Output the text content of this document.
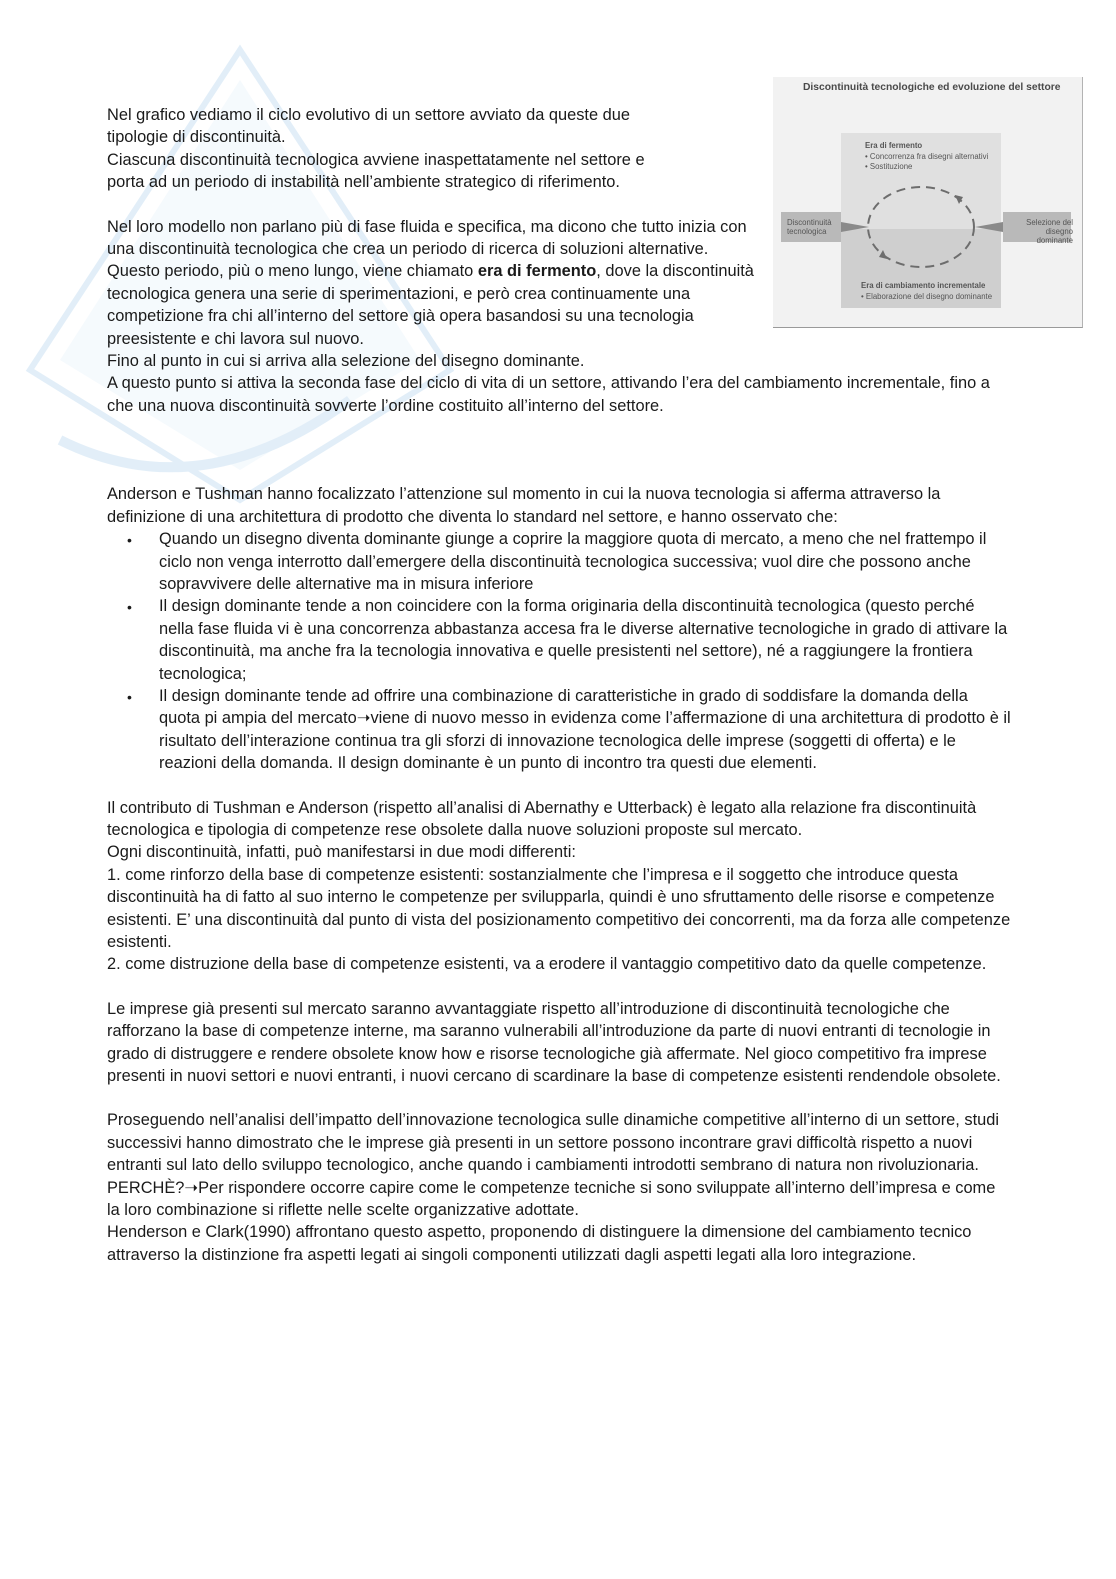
Discontinuità tecnologiche ed evoluzione del settore
Era di fermento
• Concorrenza fra disegni alternativi
• Sostituzione
Discontinuità tecnologica
Selezione del disegno dominante
Era di cambiamento incrementale
• Elaborazione del disegno dominante

Nel grafico vediamo il ciclo evolutivo di un settore avviato da queste due

tipologie di discontinuità.

Ciascuna discontinuità tecnologica avviene inaspettatamente nel settore e

porta ad un periodo di instabilità nell’ambiente strategico di riferimento.

Nel loro modello non parlano più di fase fluida e specifica, ma dicono che tutto inizia con una discontinuità tecnologica che crea un periodo di ricerca di soluzioni alternative. Questo periodo, più o meno lungo, viene chiamato era di fermento, dove la discontinuità tecnologica genera una serie di sperimentazioni, e però crea continuamente una competizione fra chi all’interno del settore già opera basandosi su una tecnologia preesistente e chi lavora sul nuovo.

Fino al punto in cui si arriva alla selezione del disegno dominante.

A questo punto si attiva la seconda fase del ciclo di vita di un settore, attivando l’era del cambiamento incrementale, fino a che una nuova discontinuità sovverte l’ordine costituito all’interno del settore.

Anderson e Tushman hanno focalizzato l’attenzione sul momento in cui la nuova tecnologia si afferma attraverso la definizione di una architettura di prodotto che diventa lo standard nel settore, e hanno osservato che:

• Quando un disegno diventa dominante giunge a coprire la maggiore quota di mercato, a meno che nel frattempo il ciclo non venga interrotto dall’emergere della discontinuità tecnologica successiva; vuol dire che possono anche sopravvivere delle alternative ma in misura inferiore
• Il design dominante tende a non coincidere con la forma originaria della discontinuità tecnologica (questo perché nella fase fluida vi è una concorrenza abbastanza accesa fra le diverse alternative tecnologiche in grado di attivare la discontinuità, ma anche fra la tecnologia innovativa e quelle presistenti nel settore), né a raggiungere la frontiera tecnologica;
• Il design dominante tende ad offrire una combinazione di caratteristiche in grado di soddisfare la domanda della quota pi ampia del mercato➝viene di nuovo messo in evidenza come l’affermazione di una architettura di prodotto è il risultato dell’interazione continua tra gli sforzi di innovazione tecnologica delle imprese (soggetti di offerta) e le reazioni della domanda. Il design dominante è un punto di incontro tra questi due elementi.

Il contributo di Tushman e Anderson (rispetto all’analisi di Abernathy e Utterback) è legato alla relazione fra discontinuità tecnologica e tipologia di competenze rese obsolete dalla nuove soluzioni proposte sul mercato.

Ogni discontinuità, infatti, può manifestarsi in due modi differenti:

1. come rinforzo della base di competenze esistenti: sostanzialmente che l’impresa e il soggetto che introduce questa discontinuità ha di fatto al suo interno le competenze per svilupparla, quindi è uno sfruttamento delle risorse e competenze esistenti. E’ una discontinuità dal punto di vista del posizionamento competitivo dei concorrenti, ma da forza alle competenze esistenti.

2. come distruzione della base di competenze esistenti, va a erodere il vantaggio competitivo dato da quelle competenze.

Le imprese già presenti sul mercato saranno avvantaggiate rispetto all’introduzione di discontinuità tecnologiche che rafforzano la base di competenze interne, ma saranno vulnerabili all’introduzione da parte di nuovi entranti di tecnologie in grado di distruggere e rendere obsolete know how e risorse tecnologiche già affermate. Nel gioco competitivo fra imprese presenti in nuovi settori e nuovi entranti, i nuovi cercano di scardinare la base di competenze esistenti rendendole obsolete.

Proseguendo nell’analisi dell’impatto dell’innovazione tecnologica sulle dinamiche competitive all’interno di un settore, studi successivi hanno dimostrato che le imprese già presenti in un settore possono incontrare gravi difficoltà rispetto a nuovi entranti sul lato dello sviluppo tecnologico, anche quando i cambiamenti introdotti sembrano di natura non rivoluzionaria.

PERCHÈ?➝Per rispondere occorre capire come le competenze tecniche si sono sviluppate all’interno dell’impresa e come la loro combinazione si riflette nelle scelte organizzative adottate.

Henderson e Clark(1990) affrontano questo aspetto, proponendo di distinguere la dimensione del cambiamento tecnico attraverso la distinzione fra aspetti legati ai singoli componenti utilizzati dagli aspetti legati alla loro integrazione.
